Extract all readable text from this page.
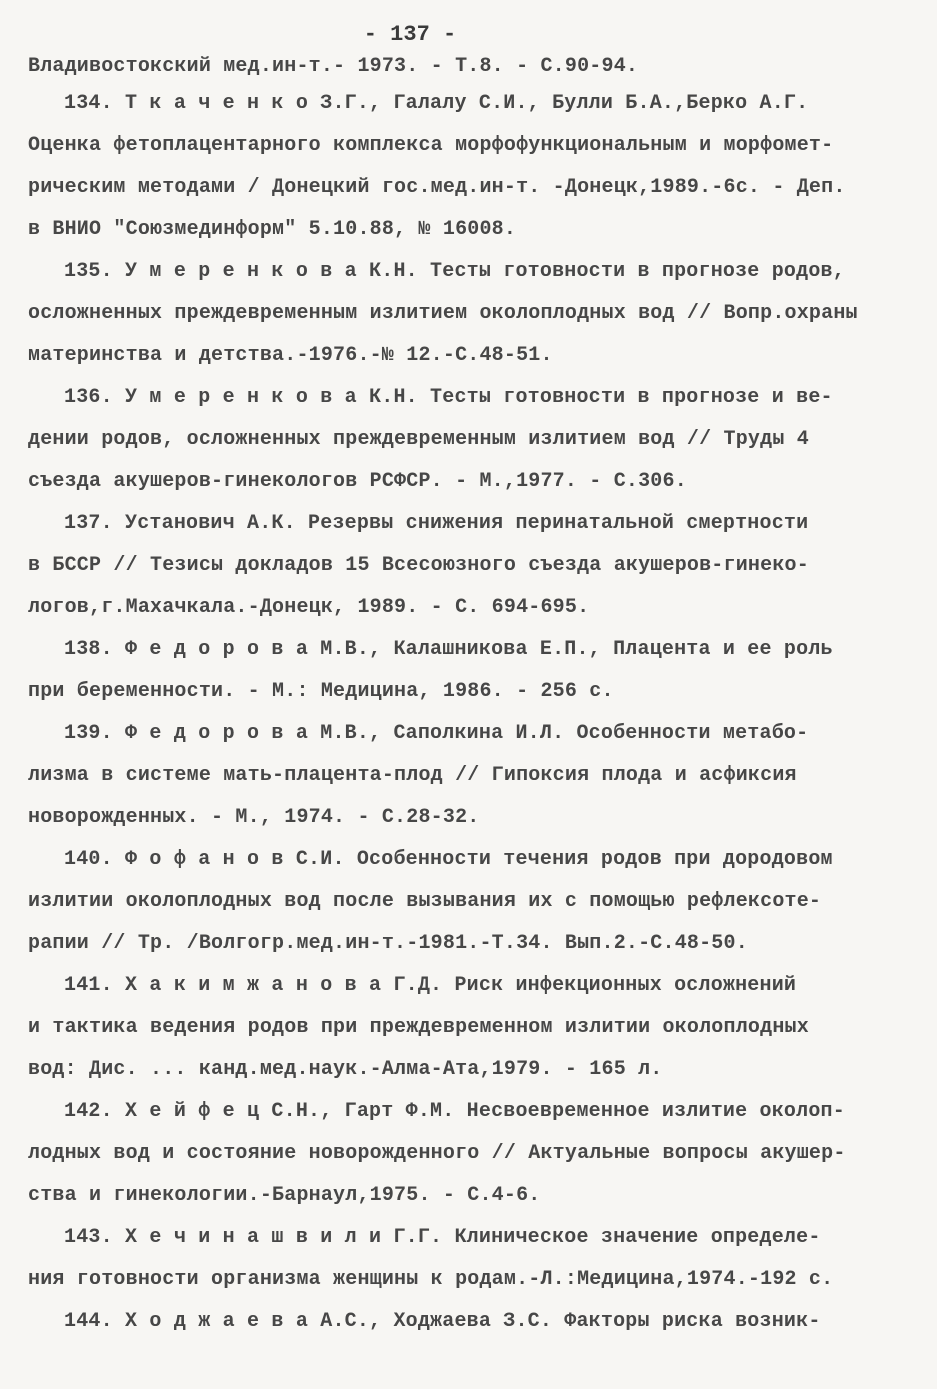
- 137 -
Владивостокский мед.ин-т.- 1973. - Т.8. - С.90-94.
134. Т к а ч е н к о З.Г., Галалу С.И., Булли Б.А.,Берко А.Г.
Оценка фетоплацентарного комплекса морфофункциональным и морфомет-
рическим методами / Донецкий гос.мед.ин-т. -Донецк,1989.-6с. - Деп.
в ВНИО "Союзмединформ" 5.10.88, № 16008.
135. У м е р е н к о в а К.Н. Тесты готовности в прогнозе родов,
осложненных преждевременным излитием околоплодных вод // Вопр.охраны
материнства и детства.-1976.-№ 12.-С.48-51.
136. У м е р е н к о в а К.Н. Тесты готовности в прогнозе и ве-
дении родов, осложненных преждевременным излитием вод // Труды 4
съезда акушеров-гинекологов РСФСР. - М.,1977. - С.306.
137. Установич А.К. Резервы снижения перинатальной смертности
в БССР // Тезисы докладов 15 Всесоюзного съезда акушеров-гинеко-
логов,г.Махачкала.-Донецк, 1989. - С. 694-695.
138. Ф е д о р о в а М.В., Калашникова Е.П., Плацента и ее роль
при беременности. - М.: Медицина, 1986. - 256 с.
139. Ф е д о р о в а М.В., Саполкина И.Л. Особенности метабо-
лизма в системе мать-плацента-плод // Гипоксия плода и асфиксия
новорожденных. - М., 1974. - С.28-32.
140. Ф о ф а н о в С.И. Особенности течения родов при дородовом
излитии околоплодных вод после вызывания их с помощью рефлексоте-
рапии // Тр. /Волгогр.мед.ин-т.-1981.-Т.34. Вып.2.-С.48-50.
141. Х а к и м ж а н о в а Г.Д. Риск инфекционных осложнений
и тактика ведения родов при преждевременном излитии околоплодных
вод: Дис. ... канд.мед.наук.-Алма-Ата,1979. - 165 л.
142. Х е й ф е ц С.Н., Гарт Ф.М. Несвоевременное излитие околоп-
лодных вод и состояние новорожденного // Актуальные вопросы акушер-
ства и гинекологии.-Барнаул,1975. - С.4-6.
143. Х е ч и н а ш в и л и Г.Г. Клиническое значение определе-
ния готовности организма женщины к родам.-Л.:Медицина,1974.-192 с.
144. Х о д ж а е в а А.С., Ходжаева З.С. Факторы риска возник-
